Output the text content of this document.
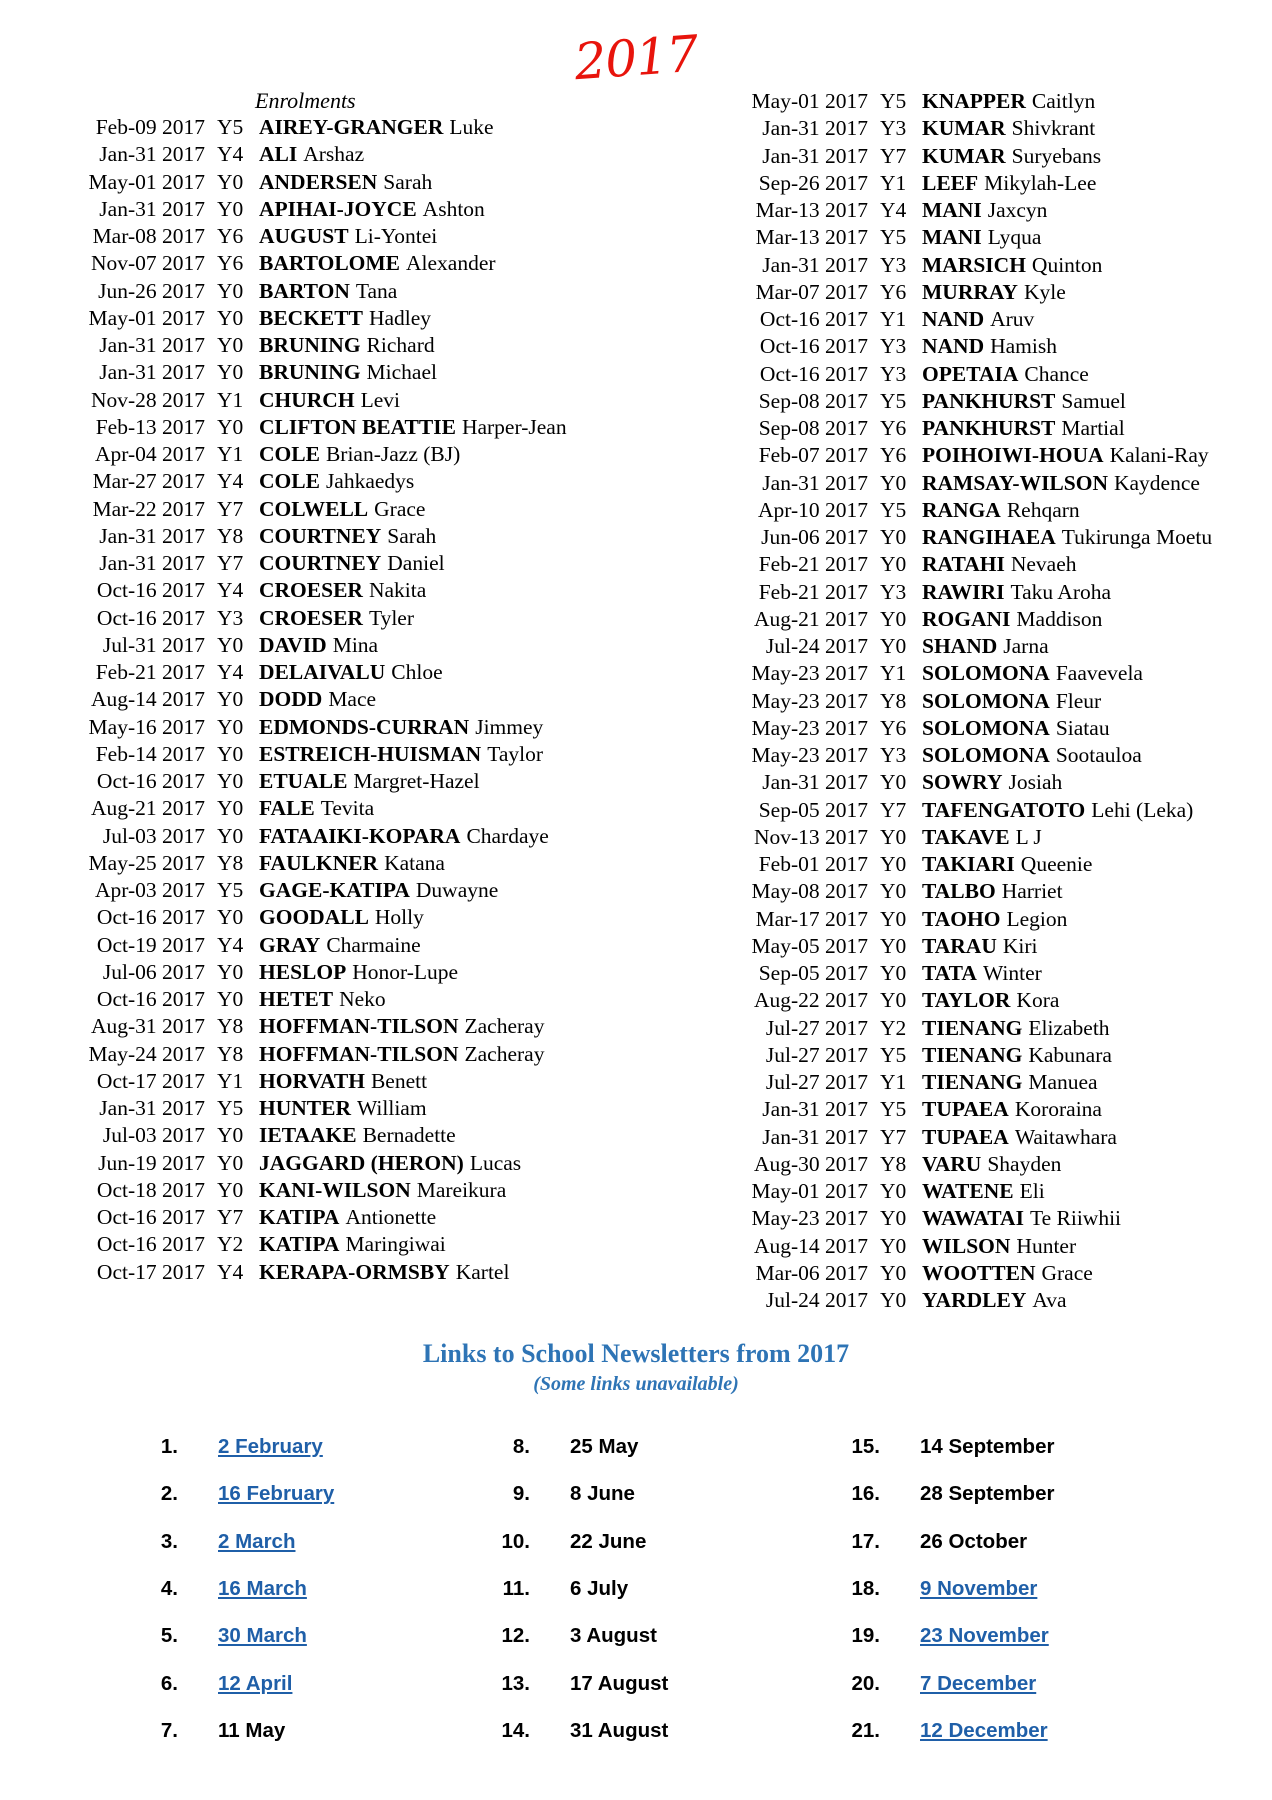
2017
Enrolments
Feb-09 2017 Y5 AIREY-GRANGER Luke
Jan-31 2017 Y4 ALI Arshaz
May-01 2017 Y0 ANDERSEN Sarah
Jan-31 2017 Y0 APIHAI-JOYCE Ashton
Mar-08 2017 Y6 AUGUST Li-Yontei
Nov-07 2017 Y6 BARTOLOME Alexander
Jun-26 2017 Y0 BARTON Tana
May-01 2017 Y0 BECKETT Hadley
Jan-31 2017 Y0 BRUNING Richard
Jan-31 2017 Y0 BRUNING Michael
Nov-28 2017 Y1 CHURCH Levi
Feb-13 2017 Y0 CLIFTON BEATTIE Harper-Jean
Apr-04 2017 Y1 COLE Brian-Jazz (BJ)
Mar-27 2017 Y4 COLE Jahkaedys
Mar-22 2017 Y7 COLWELL Grace
Jan-31 2017 Y8 COURTNEY Sarah
Jan-31 2017 Y7 COURTNEY Daniel
Oct-16 2017 Y4 CROESER Nakita
Oct-16 2017 Y3 CROESER Tyler
Jul-31 2017 Y0 DAVID Mina
Feb-21 2017 Y4 DELAIVALU Chloe
Aug-14 2017 Y0 DODD Mace
May-16 2017 Y0 EDMONDS-CURRAN Jimmey
Feb-14 2017 Y0 ESTREICH-HUISMAN Taylor
Oct-16 2017 Y0 ETUALE Margret-Hazel
Aug-21 2017 Y0 FALE Tevita
Jul-03 2017 Y0 FATAAIKI-KOPARA Chardaye
May-25 2017 Y8 FAULKNER Katana
Apr-03 2017 Y5 GAGE-KATIPA Duwayne
Oct-16 2017 Y0 GOODALL Holly
Oct-19 2017 Y4 GRAY Charmaine
Jul-06 2017 Y0 HESLOP Honor-Lupe
Oct-16 2017 Y0 HETET Neko
Aug-31 2017 Y8 HOFFMAN-TILSON Zacheray
May-24 2017 Y8 HOFFMAN-TILSON Zacheray
Oct-17 2017 Y1 HORVATH Benett
Jan-31 2017 Y5 HUNTER William
Jul-03 2017 Y0 IETAAKE Bernadette
Jun-19 2017 Y0 JAGGARD (HERON) Lucas
Oct-18 2017 Y0 KANI-WILSON Mareikura
Oct-16 2017 Y7 KATIPA Antionette
Oct-16 2017 Y2 KATIPA Maringiwai
Oct-17 2017 Y4 KERAPA-ORMSBY Kartel
May-01 2017 Y5 KNAPPER Caitlyn
Jan-31 2017 Y3 KUMAR Shivkrant
Jan-31 2017 Y7 KUMAR Suryebans
Sep-26 2017 Y1 LEEF Mikylah-Lee
Mar-13 2017 Y4 MANI Jaxcyn
Mar-13 2017 Y5 MANI Lyqua
Jan-31 2017 Y3 MARSICH Quinton
Mar-07 2017 Y6 MURRAY Kyle
Oct-16 2017 Y1 NAND Aruv
Oct-16 2017 Y3 NAND Hamish
Oct-16 2017 Y3 OPETAIA Chance
Sep-08 2017 Y5 PANKHURST Samuel
Sep-08 2017 Y6 PANKHURST Martial
Feb-07 2017 Y6 POIHOIWI-HOUA Kalani-Ray
Jan-31 2017 Y0 RAMSAY-WILSON Kaydence
Apr-10 2017 Y5 RANGA Rehqarn
Jun-06 2017 Y0 RANGIHAEA Tukirunga Moetu
Feb-21 2017 Y0 RATAHI Nevaeh
Feb-21 2017 Y3 RAWIRI Taku Aroha
Aug-21 2017 Y0 ROGANI Maddison
Jul-24 2017 Y0 SHAND Jarna
May-23 2017 Y1 SOLOMONA Faavevela
May-23 2017 Y8 SOLOMONA Fleur
May-23 2017 Y6 SOLOMONA Siatau
May-23 2017 Y3 SOLOMONA Sootauloa
Jan-31 2017 Y0 SOWRY Josiah
Sep-05 2017 Y7 TAFENGATOTO Lehi (Leka)
Nov-13 2017 Y0 TAKAVE L J
Feb-01 2017 Y0 TAKIARI Queenie
May-08 2017 Y0 TALBO Harriet
Mar-17 2017 Y0 TAOHO Legion
May-05 2017 Y0 TARAU Kiri
Sep-05 2017 Y0 TATA Winter
Aug-22 2017 Y0 TAYLOR Kora
Jul-27 2017 Y2 TIENANG Elizabeth
Jul-27 2017 Y5 TIENANG Kabunara
Jul-27 2017 Y1 TIENANG Manuea
Jan-31 2017 Y5 TUPAEA Kororaina
Jan-31 2017 Y7 TUPAEA Waitawhara
Aug-30 2017 Y8 VARU Shayden
May-01 2017 Y0 WATENE Eli
May-23 2017 Y0 WAWATAI Te Riiwhii
Aug-14 2017 Y0 WILSON Hunter
Mar-06 2017 Y0 WOOTTEN Grace
Jul-24 2017 Y0 YARDLEY Ava
Links to School Newsletters from 2017
(Some links unavailable)
1. 2 February
2. 16 February
3. 2 March
4. 16 March
5. 30 March
6. 12 April
7. 11 May
8. 25 May
9. 8 June
10. 22 June
11. 6 July
12. 3 August
13. 17 August
14. 31 August
15. 14 September
16. 28 September
17. 26 October
18. 9 November
19. 23 November
20. 7 December
21. 12 December
